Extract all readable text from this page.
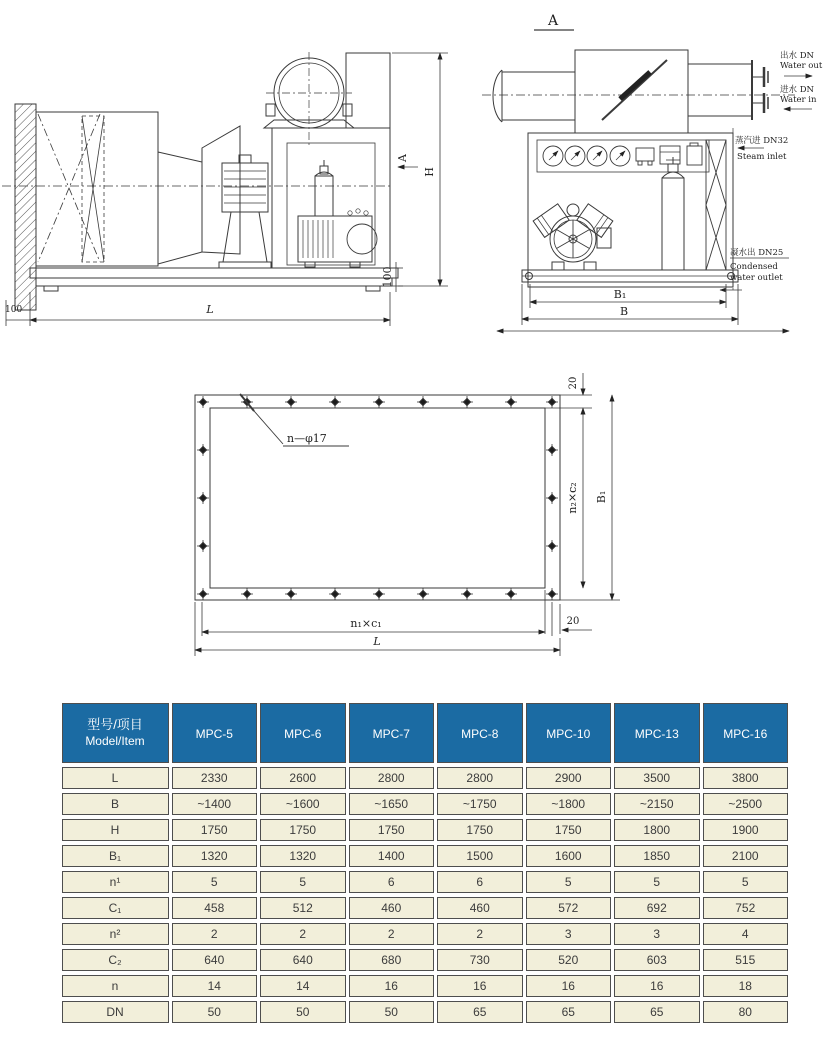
A
H
100
L
100
A
出水 DN
Water out
进水 DN
Water in
蒸汽进 DN32
Steam inlet
凝水出 DN25
Condensed
water outlet
B₁
B
n—φ17
20
n₂×c₂ B₁
20
n₁×c₁
L
型号/项目
Model/Item	MPC-5	MPC-6	MPC-7	MPC-8	MPC-10	MPC-13	MPC-16
L	2330	2600	2800	2800	2900	3500	3800
B	~1400	~1600	~1650	~1750	~1800	~2150	~2500
H	1750	1750	1750	1750	1750	1800	1900
B₁	1320	1320	1400	1500	1600	1850	2100
n¹	5	5	6	6	5	5	5
C₁	458	512	460	460	572	692	752
n²	2	2	2	2	3	3	4
C₂	640	640	680	730	520	603	515
n	14	14	16	16	16	16	18
DN	50	50	50	65	65	65	80
